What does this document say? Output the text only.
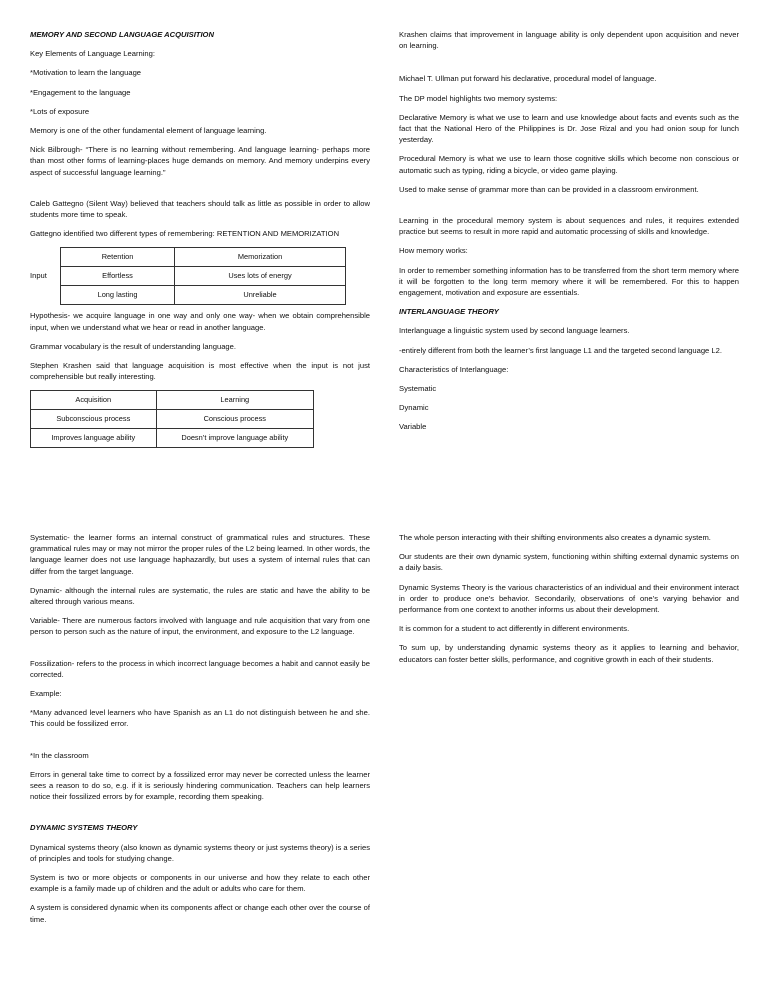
MEMORY AND SECOND LANGUAGE ACQUISITION

Key Elements of Language Learning:

*Motivation to learn the language

*Engagement to the language

*Lots of exposure

Memory is one of the other fundamental element of language learning.

Nick Bilbrough- “There is no learning without remembering. And language learning- perhaps more than most other forms of learning-places huge demands on memory. And memory underpins every aspect of successful language learning.”

Caleb Gattegno (Silent Way) believed that teachers should talk as little as possible in order to allow students more time to speak.

Gattegno identified two different types of remembering: RETENTION AND MEMORIZATION

Input
Retention	Memorization
Effortless	Uses lots of energy
Long lasting	Unreliable

Hypothesis- we acquire language in one way and only one way- when we obtain comprehensible input, when we understand what we hear or read in another language.

Grammar vocabulary is the result of understanding language.

Stephen Krashen said that language acquisition is most effective when the input is not just comprehensible but really interesting.

Acquisition	Learning
Subconscious process	Conscious process
Improves language ability	Doesn’t improve language ability

Krashen claims that improvement in language ability is only dependent upon acquisition and never on learning.

Michael T. Ullman put forward his declarative, procedural model of language.

The DP model highlights two memory systems:

Declarative Memory is what we use to learn and use knowledge about facts and events such as the fact that the National Hero of the Philippines is Dr. Jose Rizal and you had onion soup for lunch yesterday.

Procedural Memory is what we use to learn those cognitive skills which become non conscious or automatic such as typing, riding a bicycle, or video game playing.

Used to make sense of grammar more than can be provided in a classroom environment.

Learning in the procedural memory system is about sequences and rules, it requires extended practice but seems to result in more rapid and automatic processing of skills and knowledge.

How memory works:

In order to remember something information has to be transferred from the short term memory where it will be forgotten to the long term memory where it will be remembered. For this to happen engagement, motivation and exposure are essentials.

INTERLANGUAGE THEORY

Interlanguage a linguistic system used by second language learners.

-entirely different from both the learner’s first language L1 and the targeted second language L2.

Characteristics of Interlanguage:

Systematic

Dynamic

Variable

Systematic- the learner forms an internal construct of grammatical rules and structures. These grammatical rules may or may not mirror the proper rules of the L2 being learned. In other words, the language learner does not use language haphazardly, but uses a system of internal rules that can differ from the target language.

Dynamic- although the internal rules are systematic, the rules are static and have the ability to be altered through various means.

Variable- There are numerous factors involved with language and rule acquisition that vary from one person to person such as the nature of input, the environment, and exposure to the L2 language.

Fossilization- refers to the process in which incorrect language becomes a habit and cannot easily be corrected.

Example:

*Many advanced level learners who have Spanish as an L1 do not distinguish between he and she. This could be fossilized error.

*In the classroom

Errors in general take time to correct by a fossilized error may never be corrected unless the learner sees a reason to do so, e.g. if it is seriously hindering communication. Teachers can help learners notice their fossilized errors by for example, recording them speaking.

DYNAMIC SYSTEMS THEORY

Dynamical systems theory (also known as dynamic systems theory or just systems theory) is a series of principles and tools for studying change.

System is two or more objects or components in our universe and how they relate to each other example is a family made up of children and the adult or adults who care for them.

A system is considered dynamic when its components affect or change each other over the course of time.

The whole person interacting with their shifting environments also creates a dynamic system.

Our students are their own dynamic system, functioning within shifting external dynamic systems on a daily basis.

Dynamic Systems Theory is the various characteristics of an individual and their environment interact in order to produce one’s behavior. Secondarily, observations of one’s varying behavior and performance from one context to another informs us about their development.

It is common for a student to act differently in different environments.

To sum up, by understanding dynamic systems theory as it applies to learning and behavior, educators can foster better skills, performance, and cognitive growth in each of their students.
